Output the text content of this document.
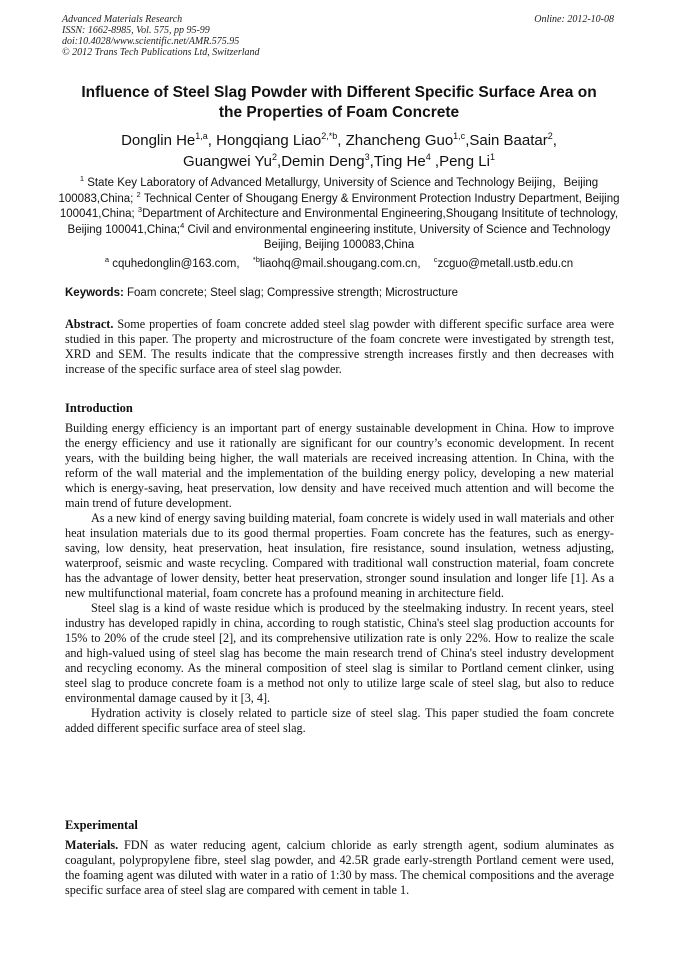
Advanced Materials Research
ISSN: 1662-8985, Vol. 575, pp 95-99
doi:10.4028/www.scientific.net/AMR.575.95
© 2012 Trans Tech Publications Ltd, Switzerland
Online: 2012-10-08
Influence of Steel Slag Powder with Different Specific Surface Area on
the Properties of Foam Concrete
Donglin He$^{1,a}$, Hongqiang Liao$^{2,*b}$, Zhancheng Guo$^{1,c}$,Sain Baatar$^2$,
Guangwei Yu$^2$,Demin Deng$^3$,Ting He$^4$ ,Peng Li$^1$
$^1$ State Key Laboratory of Advanced Metallurgy, University of Science and Technology Beijing，Beijing 100083,China; $^2$ Technical Center of Shougang Energy & Environment Protection Industry Department, Beijing 100041,China; $^3$Department of Architecture and Environmental Engineering,Shougang Insititute of technology, Beijing 100041,China;$^4$ Civil and environmental engineering institute, University of Science and Technology Beijing, Beijing 100083,China
$^a$ cquhedonglin@163.com, $^{*b}$liaohq@mail.shougang.com.cn, $^c$zcguo@metall.ustb.edu.cn
Keywords: Foam concrete; Steel slag; Compressive strength; Microstructure

Abstract. Some properties of foam concrete added steel slag powder with different specific surface area were studied in this paper. The property and microstructure of the foam concrete were investigated by strength test, XRD and SEM. The results indicate that the compressive strength increases firstly and then decreases with increase of the specific surface area of steel slag powder.

Introduction

Building energy efficiency is an important part of energy sustainable development in China. How to improve the energy efficiency and use it rationally are significant for our country’s economic development. In recent years, with the building being higher, the wall materials are received increasing attention. In China, with the reform of the wall material and the implementation of the building energy policy, developing a new material which is energy-saving, heat preservation, low density and have received much attention and will become the main trend of future development.

As a new kind of energy saving building material, foam concrete is widely used in wall materials and other heat insulation materials due to its good thermal properties. Foam concrete has the features, such as energy-saving, low density, heat preservation, heat insulation, fire resistance, sound insulation, wetness adjusting, waterproof, seismic and waste recycling. Compared with traditional wall construction material, foam concrete has the advantage of lower density, better heat preservation, stronger sound insulation and longer life [1]. As a new multifunctional material, foam concrete has a profound meaning in architecture field.

Steel slag is a kind of waste residue which is produced by the steelmaking industry. In recent years, steel industry has developed rapidly in china, according to rough statistic, China's steel slag production accounts for 15% to 20% of the crude steel [2], and its comprehensive utilization rate is only 22%. How to realize the scale and high-valued using of steel slag has become the main research trend of China's steel industry development and recycling economy. As the mineral composition of steel slag is similar to Portland cement clinker, using steel slag to produce concrete foam is a method not only to utilize large scale of steel slag, but also to reduce environmental damage caused by it [3, 4].

Hydration activity is closely related to particle size of steel slag. This paper studied the foam concrete added different specific surface area of steel slag.

Experimental

Materials. FDN as water reducing agent, calcium chloride as early strength agent, sodium aluminates as coagulant, polypropylene fibre, steel slag powder, and 42.5R grade early-strength Portland cement were used, the foaming agent was diluted with water in a ratio of 1:30 by mass. The chemical compositions and the average specific surface area of steel slag are compared with cement in table 1.
